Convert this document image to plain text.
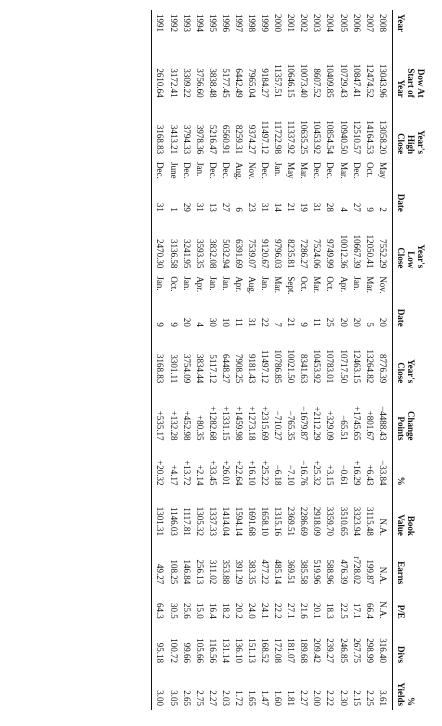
	Dow At	Year's			Year's										
	Start of	High			Low			Year's	Change		Book				%
Year	Year	Close	Date		Close	Date		Close	Points	%	Value	Earns	P/E	Divs	Yields
2008	13043.96	13058.20	May	2	7552.29	Nov.	20	8776.39	−4488.43	−33.84	N.A.	N.A.	N.A.	316.40	3.61
2007	12474.52	14164.53	Oct.	9	12050.41	Mar.	5	13264.82	+801.67	+6.43	3115.48	199.87	66.4	298.99	2.25
2006	10847.41	12510.57	Dec.	27	10667.39	Jan.	20	12463.15	+1745.65	+16.29	3323.94	r728.02	17.1	267.75	2.15
2005	10729.43	10940.50	Mar.	4	10012.36	Apr.	20	10717.50	−65.51	−0.61	3510.65	476.39	22.5	246.85	2.30
2004	10409.85	10854.54	Dec.	28	9749.99	Oct.	25	10783.01	+329.09	+3.15	3359.70	588.96	18.3	239.27	2.22
2003	8607.52	10453.92	Dec.	31	7524.06	Mar.	11	10453.92	+2112.29	+25.32	2918.09	519.96	20.1	209.42	2.00
2002	10073.40	10635.25	Mar.	19	7286.27	Oct.	9	8341.63	−1679.87	−16.76	2286.69	385.58	21.6	189.68	2.27
2001	10646.15	11337.92	May	21	8235.81	Sept.	21	10021.50	−765.35	−7.10	2369.51	369.51	27.1	181.07	1.81
2000	11357.51	11722.98	Jan.	14	9796.03	Mar.	7	10786.85	−710.27	−6.18	1315.16	485.14	22.2	172.08	1.60
1999	9184.27	11497.12	Dec.	31	9120.67	Jan.	22	11497.12	+2315.69	+25.22	1658.10	477.22	24.1	168.52	1.47
1998	7965.04	9374.27	Nov.	23	7539.07	Aug.	31	9181.43	+1273.18	+16.10	1691.68	383.35	24.0	151.13	1.65
1997	6442.49	8259.31	Aug.	6	6391.69	Apr.	11	7908.25	+1459.98	+22.64	1594.14	391.29	20.2	136.10	1.72
1996	5177.45	6560.91	Dec.	27	5032.94	Jan.	10	6448.27	+1331.15	+26.01	1414.04	353.88	18.2	131.14	2.03
1995	3838.48	5216.47	Dec.	13	3832.08	Jan.	30	5117.12	+1282.68	+33.45	1337.33	311.02	16.4	116.56	2.27
1994	3756.60	3978.36	Jan.	31	3593.35	Apr.	4	3834.44	+80.35	+2.14	1305.32	256.13	15.0	105.66	2.75
1993	3309.22	3794.33	Dec.	29	3241.95	Jan.	20	3754.09	+452.98	+13.72	1117.81	146.84	25.6	99.66	2.65
1992	3172.41	3413.21	June	1	3136.58	Oct.	9	3301.11	+132.28	+4.17	1146.03	108.25	30.5	100.72	3.05
1991	2610.64	3168.83	Dec.	31	2470.30	Jan.	9	3168.83	+535.17	+20.32	1301.31	49.27	64.3	95.18	3.00
